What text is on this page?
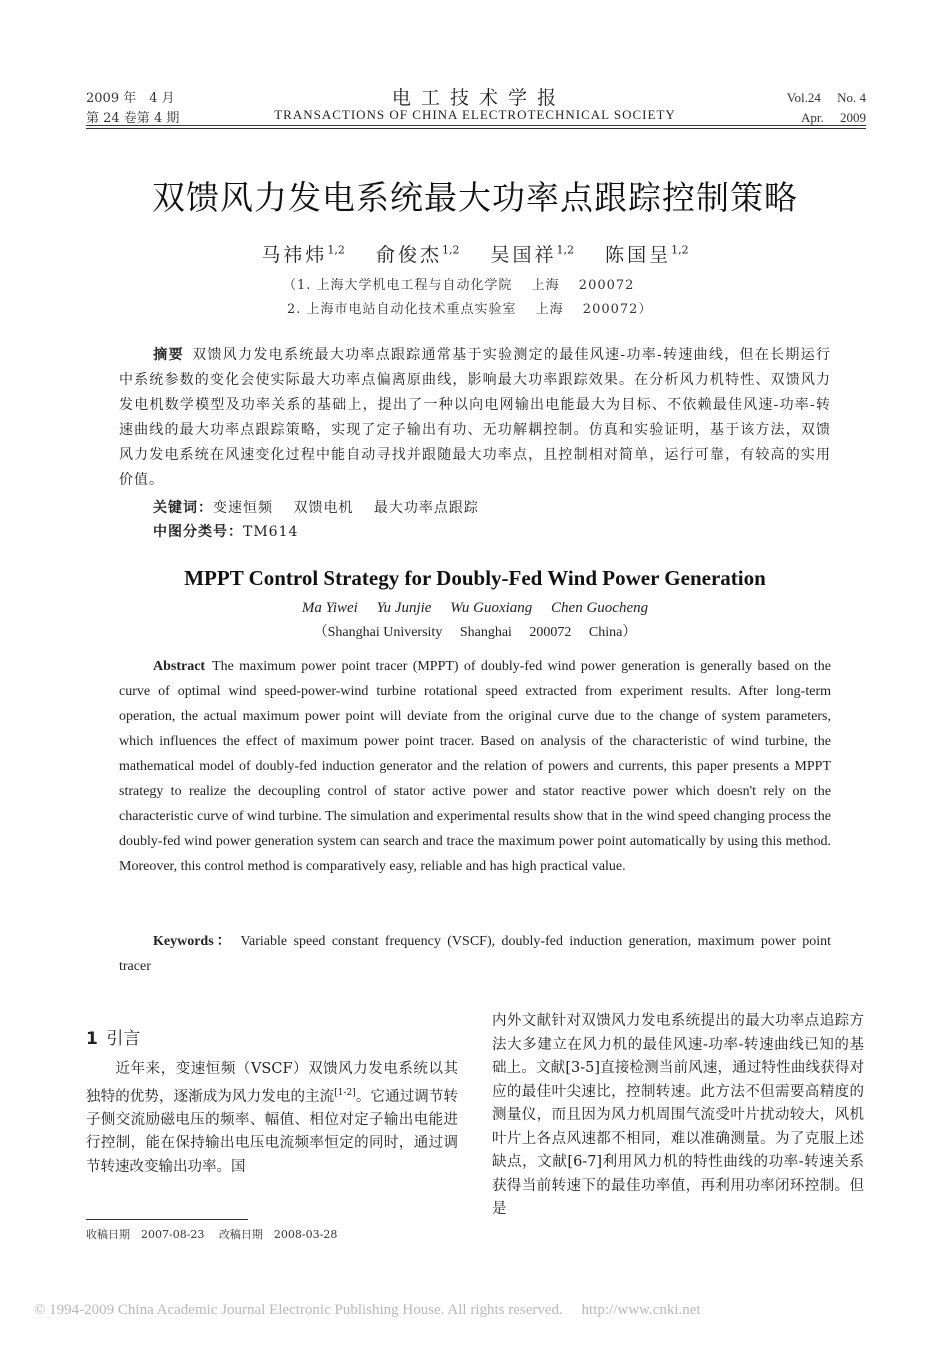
2009 年　4 月
第 24 卷第 4 期
电 工 技 术 学 报
TRANSACTIONS OF CHINA ELECTROTECHNICAL SOCIETY
Vol.24　 No. 4
Apr.　 2009
双馈风力发电系统最大功率点跟踪控制策略
马祎炜$^{1,2}$  俞俊杰$^{1,2}$  吴国祥$^{1,2}$  陈国呈$^{1,2}$
（1. 上海大学机电工程与自动化学院　 上海　 200072
2. 上海市电站自动化技术重点实验室　 上海　 200072）
摘要  双馈风力发电系统最大功率点跟踪通常基于实验测定的最佳风速-功率-转速曲线，但在长期运行中系统参数的变化会使实际最大功率点偏离原曲线，影响最大功率跟踪效果。在分析风力机特性、双馈风力发电机数学模型及功率关系的基础上，提出了一种以向电网输出电能最大为目标、不依赖最佳风速-功率-转速曲线的最大功率点跟踪策略，实现了定子输出有功、无功解耦控制。仿真和实验证明，基于该方法，双馈风力发电系统在风速变化过程中能自动寻找并跟随最大功率点，且控制相对简单，运行可靠，有较高的实用价值。
关键词：变速恒频　 双馈电机　 最大功率点跟踪
中图分类号：TM614
MPPT Control Strategy for Doubly-Fed Wind Power Generation
Ma Yiwei　 Yu Junjie　 Wu Guoxiang　 Chen Guocheng
（Shanghai University　 Shanghai　 200072　 China）
Abstract  The maximum power point tracer (MPPT) of doubly-fed wind power generation is generally based on the curve of optimal wind speed-power-wind turbine rotational speed extracted from experiment results. After long-term operation, the actual maximum power point will deviate from the original curve due to the change of system parameters, which influences the effect of maximum power point tracer. Based on analysis of the characteristic of wind turbine, the mathematical model of doubly-fed induction generator and the relation of powers and currents, this paper presents a MPPT strategy to realize the decoupling control of stator active power and stator reactive power which doesn't rely on the characteristic curve of wind turbine. The simulation and experimental results show that in the wind speed changing process the doubly-fed wind power generation system can search and trace the maximum power point automatically by using this method. Moreover, this control method is comparatively easy, reliable and has high practical value.
Keywords：  Variable speed constant frequency (VSCF), doubly-fed induction generation, maximum power point tracer
1  引言
近年来，变速恒频（VSCF）双馈风力发电系统以其独特的优势，逐渐成为风力发电的主流[1-2]。它通过调节转子侧交流励磁电压的频率、幅值、相位对定子输出电能进行控制，能在保持输出电压电流频率恒定的同时，通过调节转速改变输出功率。国
内外文献针对双馈风力发电系统提出的最大功率点追踪方法大多建立在风力机的最佳风速-功率-转速曲线已知的基础上。文献[3-5]直接检测当前风速，通过特性曲线获得对应的最佳叶尖速比，控制转速。此方法不但需要高精度的测量仪，而且因为风力机周围气流受叶片扰动较大，风机叶片上各点风速都不相同，难以准确测量。为了克服上述缺点，文献[6-7]利用风力机的特性曲线的功率-转速关系获得当前转速下的最佳功率值，再利用功率闭环控制。但是
收稿日期　2007-08-23　 改稿日期　2008-03-28
© 1994-2009 China Academic Journal Electronic Publishing House. All rights reserved.　 http://www.cnki.net
